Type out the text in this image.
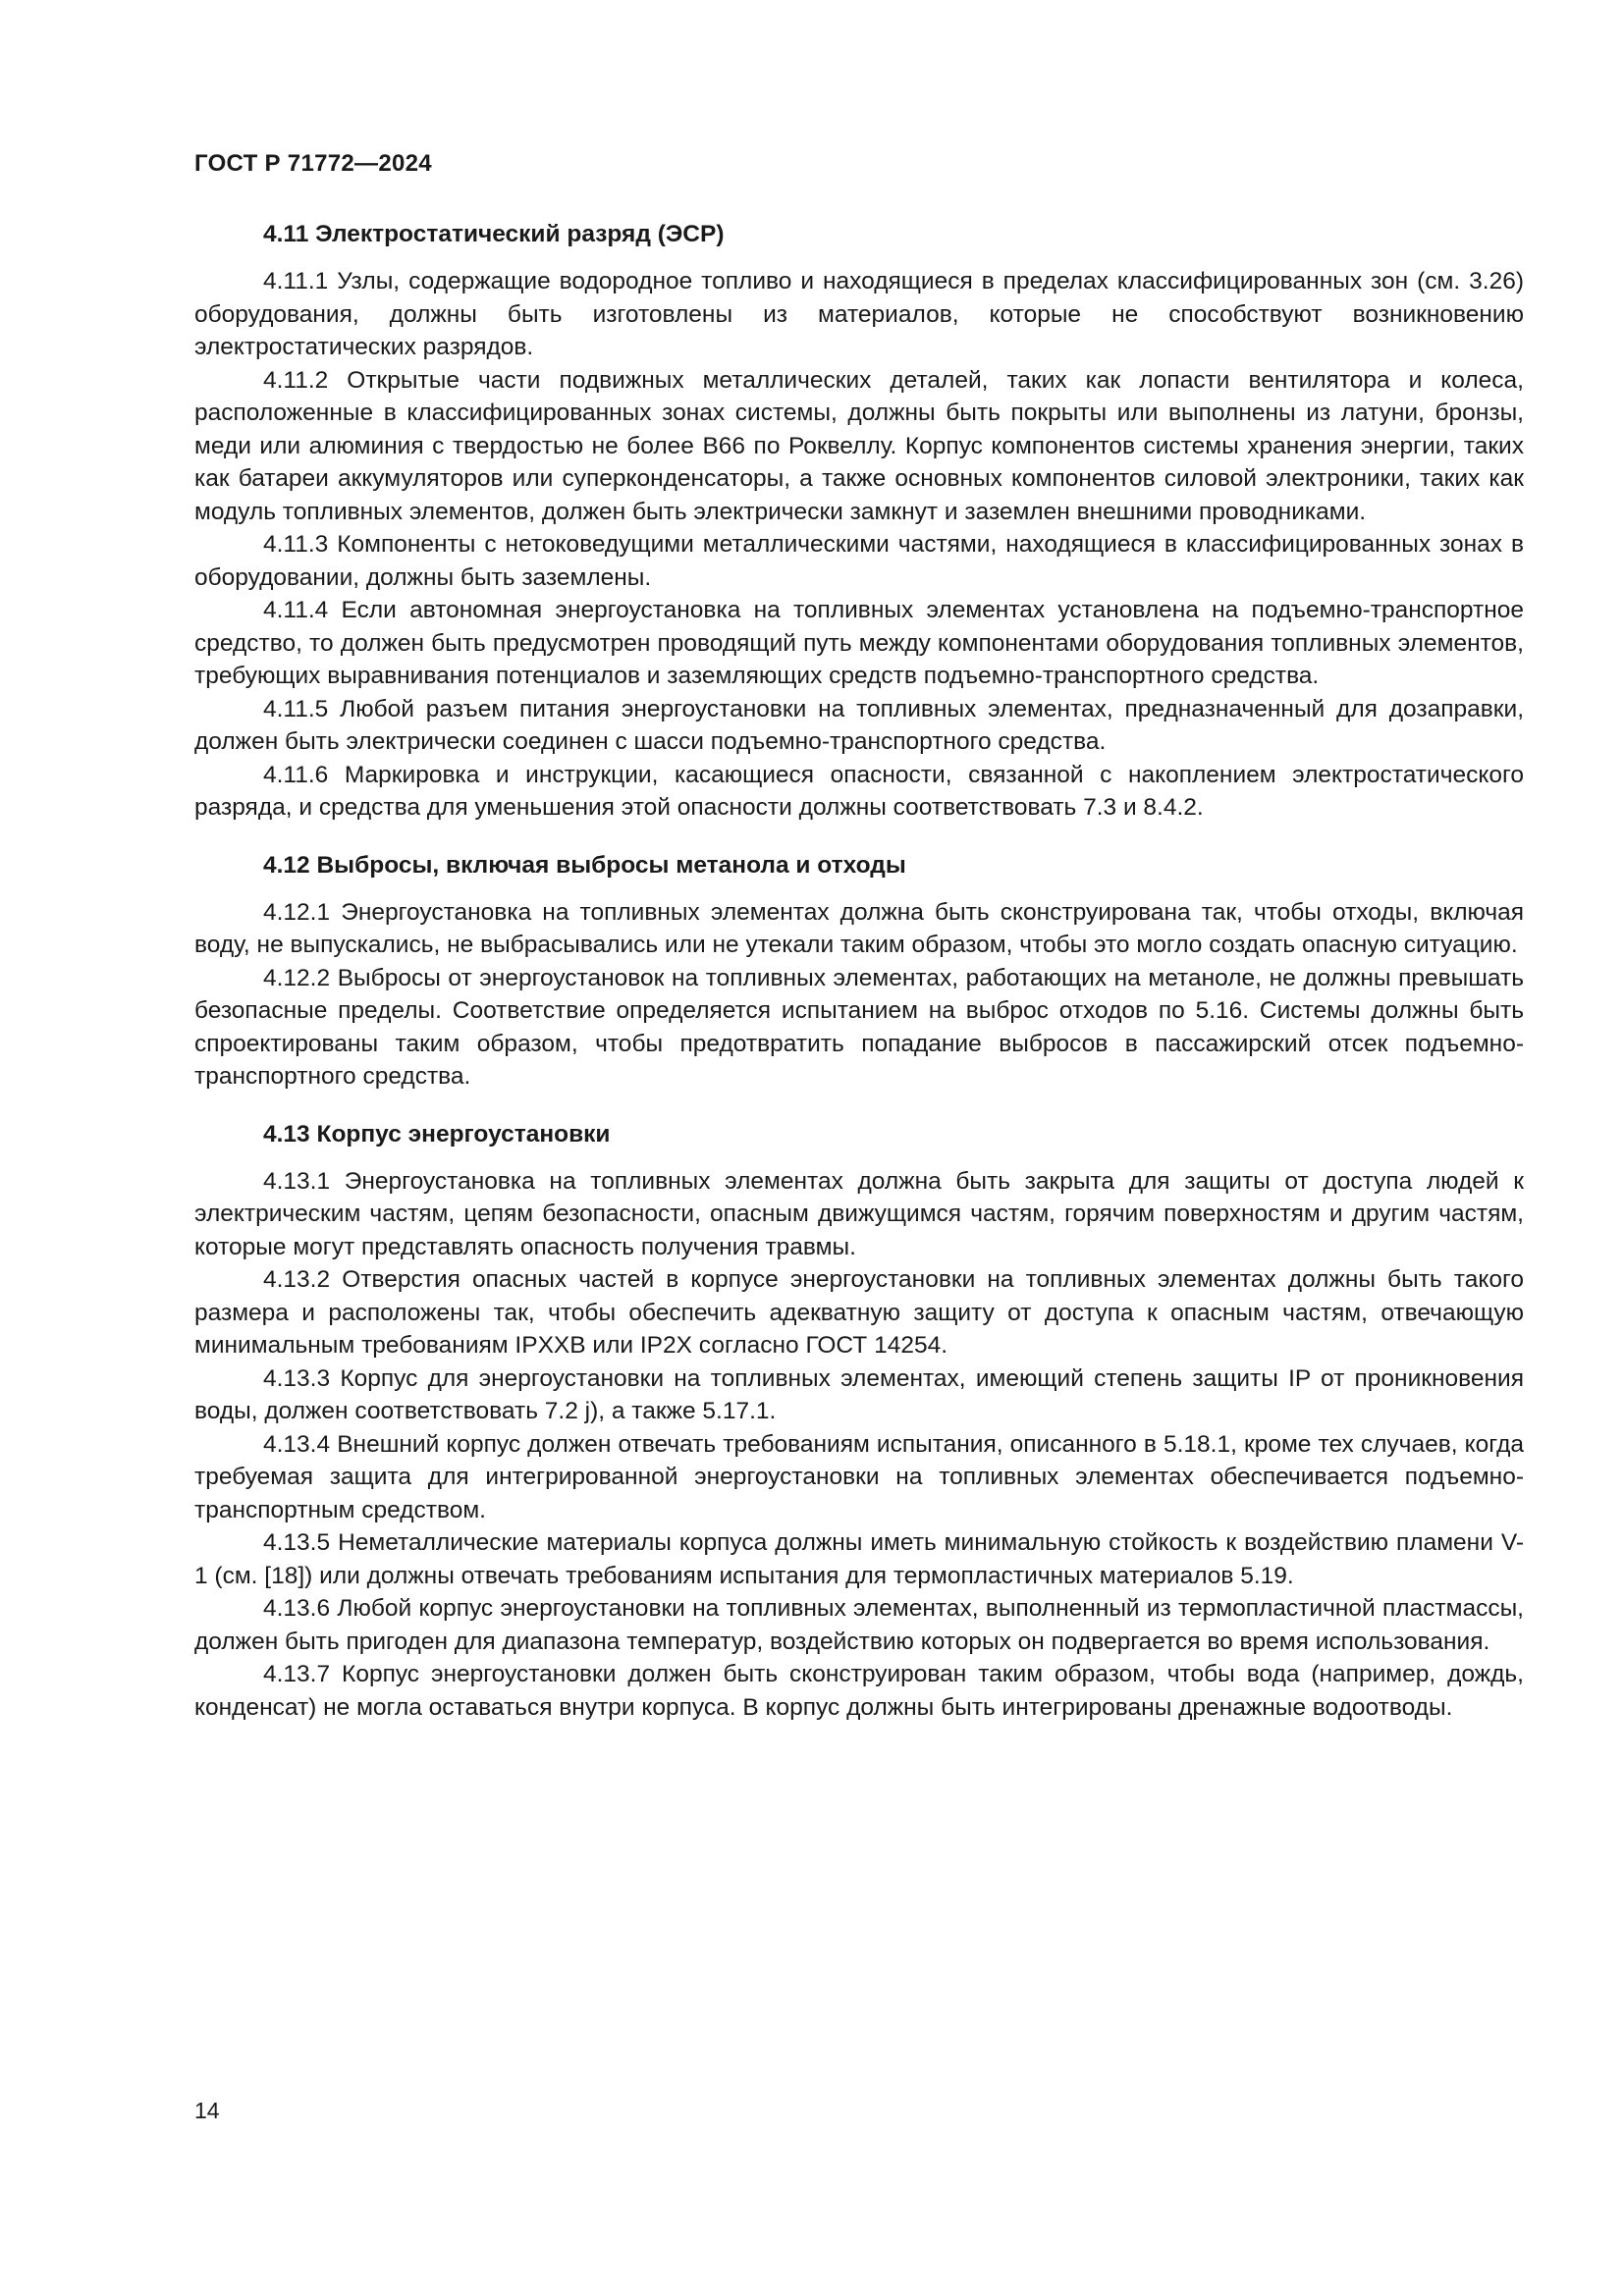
ГОСТ Р 71772—2024
4.11 Электростатический разряд (ЭСР)

4.11.1 Узлы, содержащие водородное топливо и находящиеся в пределах классифицированных зон (см. 3.26) оборудования, должны быть изготовлены из материалов, которые не способствуют возникновению электростатических разрядов.

4.11.2 Открытые части подвижных металлических деталей, таких как лопасти вентилятора и колеса, расположенные в классифицированных зонах системы, должны быть покрыты или выполнены из латуни, бронзы, меди или алюминия с твердостью не более В66 по Роквеллу. Корпус компонентов системы хранения энергии, таких как батареи аккумуляторов или суперконденсаторы, а также основных компонентов силовой электроники, таких как модуль топливных элементов, должен быть электрически замкнут и заземлен внешними проводниками.

4.11.3 Компоненты с нетоковедущими металлическими частями, находящиеся в классифицированных зонах в оборудовании, должны быть заземлены.

4.11.4 Если автономная энергоустановка на топливных элементах установлена на подъемно-транспортное средство, то должен быть предусмотрен проводящий путь между компонентами оборудования топливных элементов, требующих выравнивания потенциалов и заземляющих средств подъемно-транспортного средства.

4.11.5 Любой разъем питания энергоустановки на топливных элементах, предназначенный для дозаправки, должен быть электрически соединен с шасси подъемно-транспортного средства.

4.11.6 Маркировка и инструкции, касающиеся опасности, связанной с накоплением электростатического разряда, и средства для уменьшения этой опасности должны соответствовать 7.3 и 8.4.2.

4.12 Выбросы, включая выбросы метанола и отходы

4.12.1 Энергоустановка на топливных элементах должна быть сконструирована так, чтобы отходы, включая воду, не выпускались, не выбрасывались или не утекали таким образом, чтобы это могло создать опасную ситуацию.

4.12.2 Выбросы от энергоустановок на топливных элементах, работающих на метаноле, не должны превышать безопасные пределы. Соответствие определяется испытанием на выброс отходов по 5.16. Системы должны быть спроектированы таким образом, чтобы предотвратить попадание выбросов в пассажирский отсек подъемно-транспортного средства.

4.13 Корпус энергоустановки

4.13.1 Энергоустановка на топливных элементах должна быть закрыта для защиты от доступа людей к электрическим частям, цепям безопасности, опасным движущимся частям, горячим поверхностям и другим частям, которые могут представлять опасность получения травмы.

4.13.2 Отверстия опасных частей в корпусе энергоустановки на топливных элементах должны быть такого размера и расположены так, чтобы обеспечить адекватную защиту от доступа к опасным частям, отвечающую минимальным требованиям IPXXB или IP2X согласно ГОСТ 14254.

4.13.3 Корпус для энергоустановки на топливных элементах, имеющий степень защиты IP от проникновения воды, должен соответствовать 7.2 j), а также 5.17.1.

4.13.4 Внешний корпус должен отвечать требованиям испытания, описанного в 5.18.1, кроме тех случаев, когда требуемая защита для интегрированной энергоустановки на топливных элементах обеспечивается подъемно-транспортным средством.

4.13.5 Неметаллические материалы корпуса должны иметь минимальную стойкость к воздействию пламени V-1 (см. [18]) или должны отвечать требованиям испытания для термопластичных материалов 5.19.

4.13.6 Любой корпус энергоустановки на топливных элементах, выполненный из термопластичной пластмассы, должен быть пригоден для диапазона температур, воздействию которых он подвергается во время использования.

4.13.7 Корпус энергоустановки должен быть сконструирован таким образом, чтобы вода (например, дождь, конденсат) не могла оставаться внутри корпуса. В корпус должны быть интегрированы дренажные водоотводы.

14
